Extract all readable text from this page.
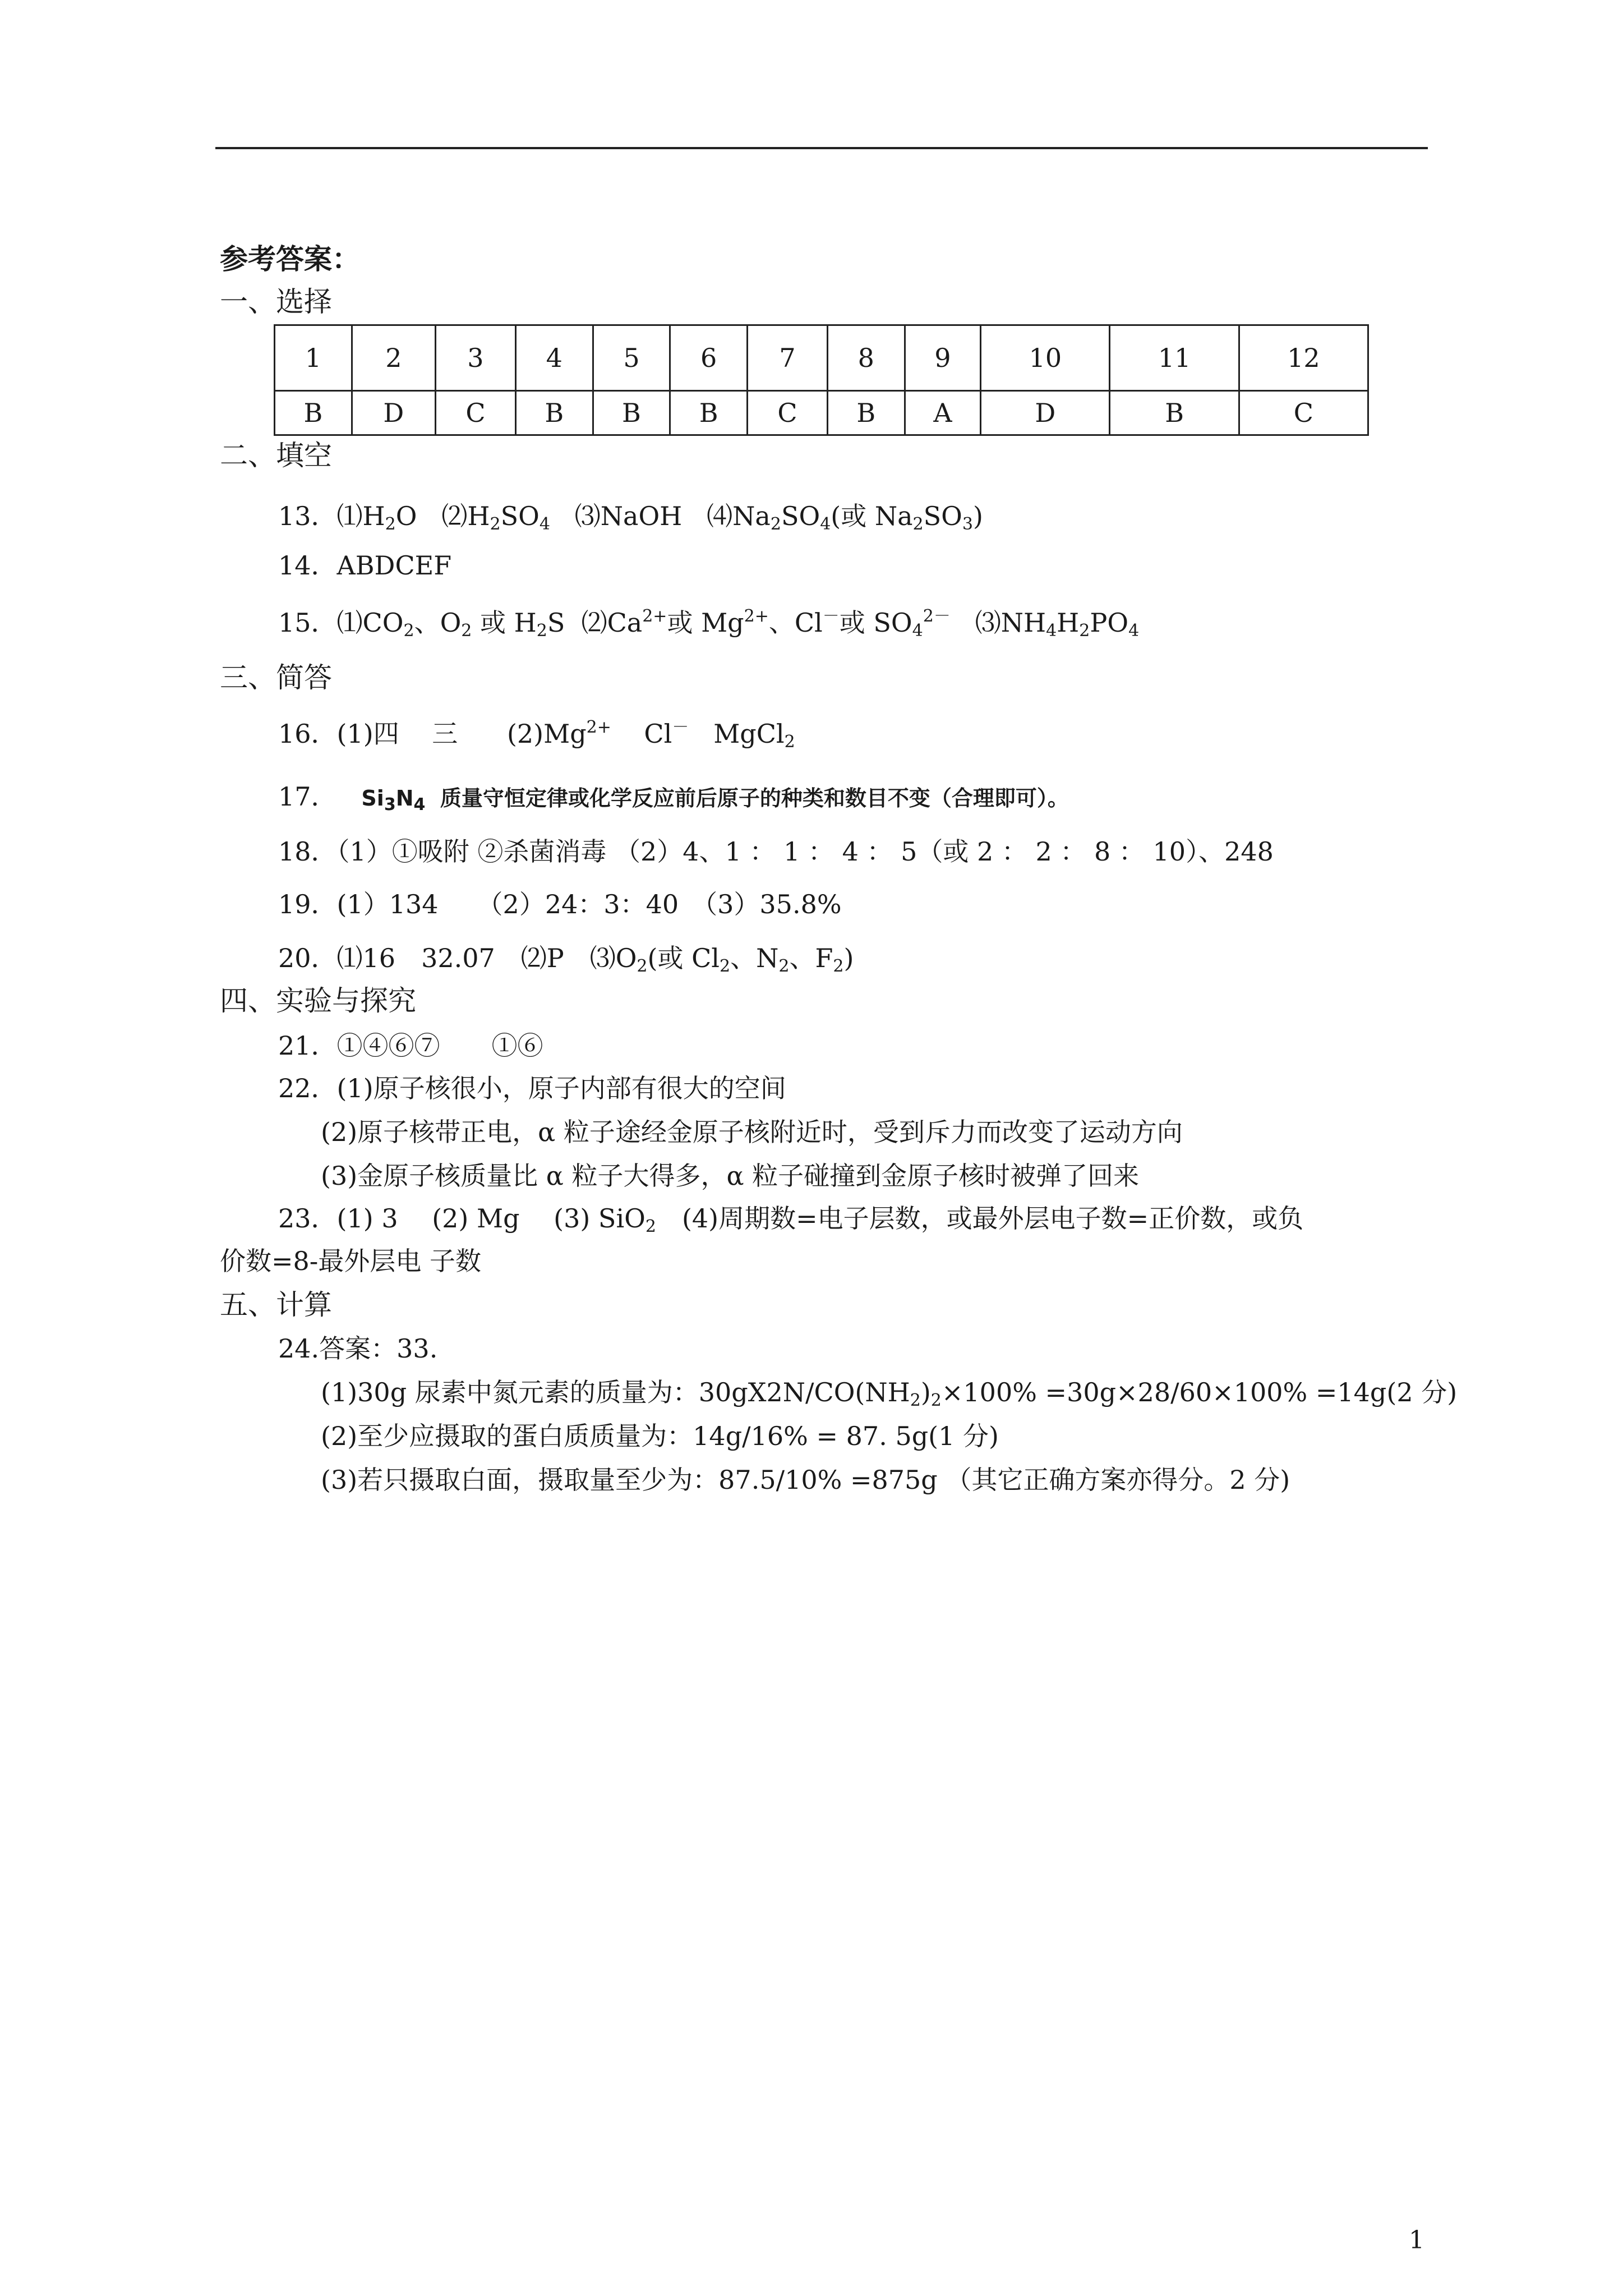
参考答案：
一、选择
1	2	3	4	5	6	7	8	9	10	11	12
B	D	C	B	B	B	C	B	A	D	B	C
二、填空
13．$⑴H_2O$ $⑵H_2SO_4$ ⑶NaOH $⑷Na_2SO_4$(或 $Na_2SO_3$)
14．ABDCEF
15．$⑴CO_2$、$O_2$ 或 $H_2S$ $⑵Ca^{2+}$或 $Mg^{2+}$、Cl－或 $SO_4^{2-}$ $⑶NH_4H_2PO_4$
三、简答
16．(1)四 三 $(2)Mg^{2+}$ Cl－ MgCl$_2$
17． $Si_3N_4$ 质量守恒定律或化学反应前后原子的种类和数目不变（合理即可）。
18．（1）①吸附 ②杀菌消毒 （2）4、1 ： 1 ： 4 ： 5（或 2 ： 2 ： 8 ： 10）、248
19．(1）134　　（2）24：3：40　（3）35.8%
20．⑴16　32.07　⑵P　$⑶O_2$(或 $Cl_2$、$N_2$、$F_2$)
四、实验与探究
21．①④⑥⑦　　①⑥
22．(1)原子核很小，原子内部有很大的空间
(2)原子核带正电，α 粒子途经金原子核附近时，受到斥力而改变了运动方向
(3)金原子核质量比 α 粒子大得多，α 粒子碰撞到金原子核时被弹了回来
23．(1) 3　 (2) Mg　 (3) SiO$_2$　(4)周期数=电子层数，或最外层电子数=正价数，或负
价数=8-最外层电 子数
五、计算
24.答案：33.
(1)30g 尿素中氮元素的质量为：$30gX2N/CO(NH_2)_2\times 100\% =30g\times 28/60\times 100\% =14g(2$ 分)
(2)至少应摄取的蛋白质质量为：14g/16% = 87. 5g(1 分)
(3)若只摄取白面，摄取量至少为：87.5/10% =875g （其它正确方案亦得分。2 分)
1
